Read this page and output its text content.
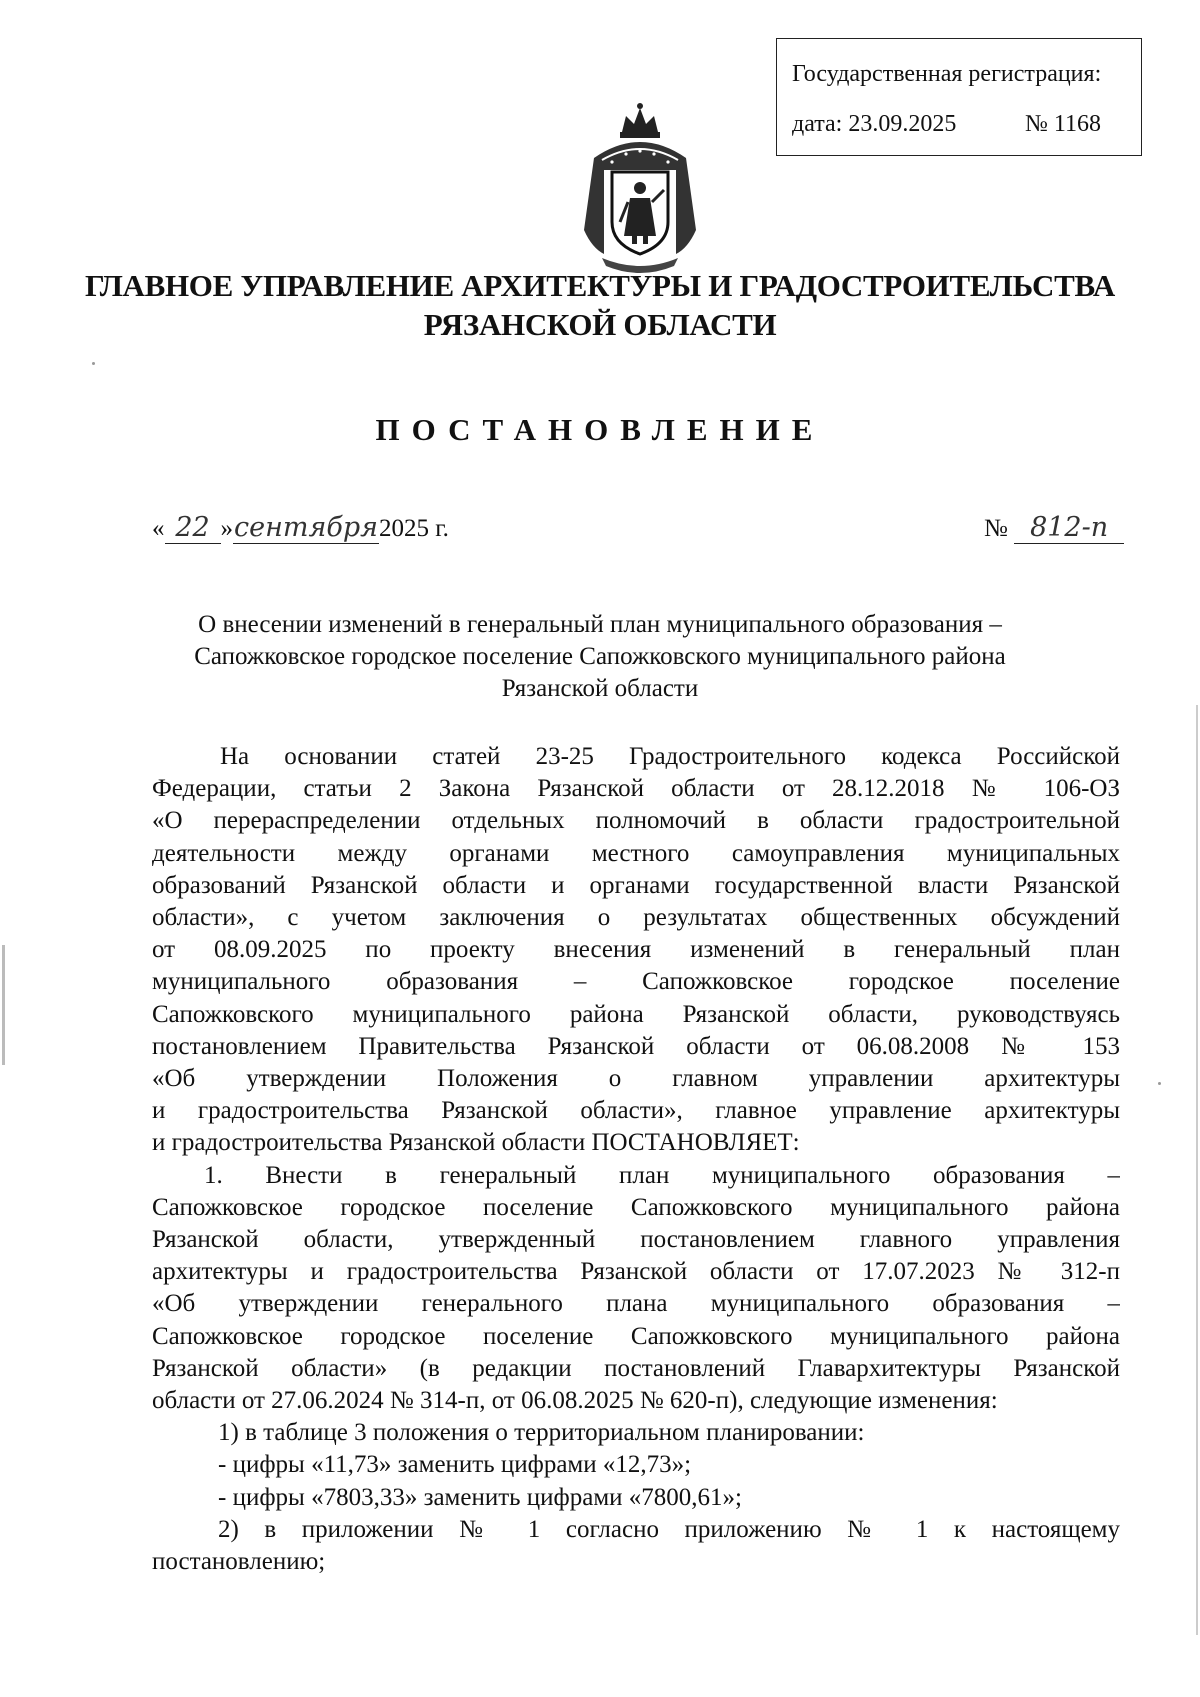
Государственная регистрация:
дата: 23.09.2025	№ 1168
ГЛАВНОЕ УПРАВЛЕНИЕ АРХИТЕКТУРЫ И ГРАДОСТРОИТЕЛЬСТВА
РЯЗАНСКОЙ ОБЛАСТИ
ПОСТАНОВЛЕНИЕ
« 22 »сентября2025 г.	№ 812-п
О внесении изменений в генеральный план муниципального образования –
Сапожковское городское поселение Сапожковского муниципального района
Рязанской области
На основании статей 23-25 Градостроительного кодекса Российской
Федерации, статьи 2 Закона Рязанской области от 28.12.2018 № 106-ОЗ
«О перераспределении отдельных полномочий в области градостроительной
деятельности между органами местного самоуправления муниципальных
образований Рязанской области и органами государственной власти Рязанской
области», с учетом заключения о результатах общественных обсуждений
от 08.09.2025 по проекту внесения изменений в генеральный план
муниципального образования – Сапожковское городское поселение
Сапожковского муниципального района Рязанской области, руководствуясь
постановлением Правительства Рязанской области от 06.08.2008 № 153
«Об утверждении Положения о главном управлении архитектуры
и градостроительства Рязанской области», главное управление архитектуры
и градостроительства Рязанской области ПОСТАНОВЛЯЕТ:
1. Внести в генеральный план муниципального образования –
Сапожковское городское поселение Сапожковского муниципального района
Рязанской области, утвержденный постановлением главного управления
архитектуры и градостроительства Рязанской области от 17.07.2023 № 312-п
«Об утверждении генерального плана муниципального образования –
Сапожковское городское поселение Сапожковского муниципального района
Рязанской области» (в редакции постановлений Главархитектуры Рязанской
области от 27.06.2024 № 314-п, от 06.08.2025 № 620-п), следующие изменения:
1) в таблице 3 положения о территориальном планировании:
- цифры «11,73» заменить цифрами «12,73»;
- цифры «7803,33» заменить цифрами «7800,61»;
2) в приложении № 1 согласно приложению № 1 к настоящему
постановлению;
